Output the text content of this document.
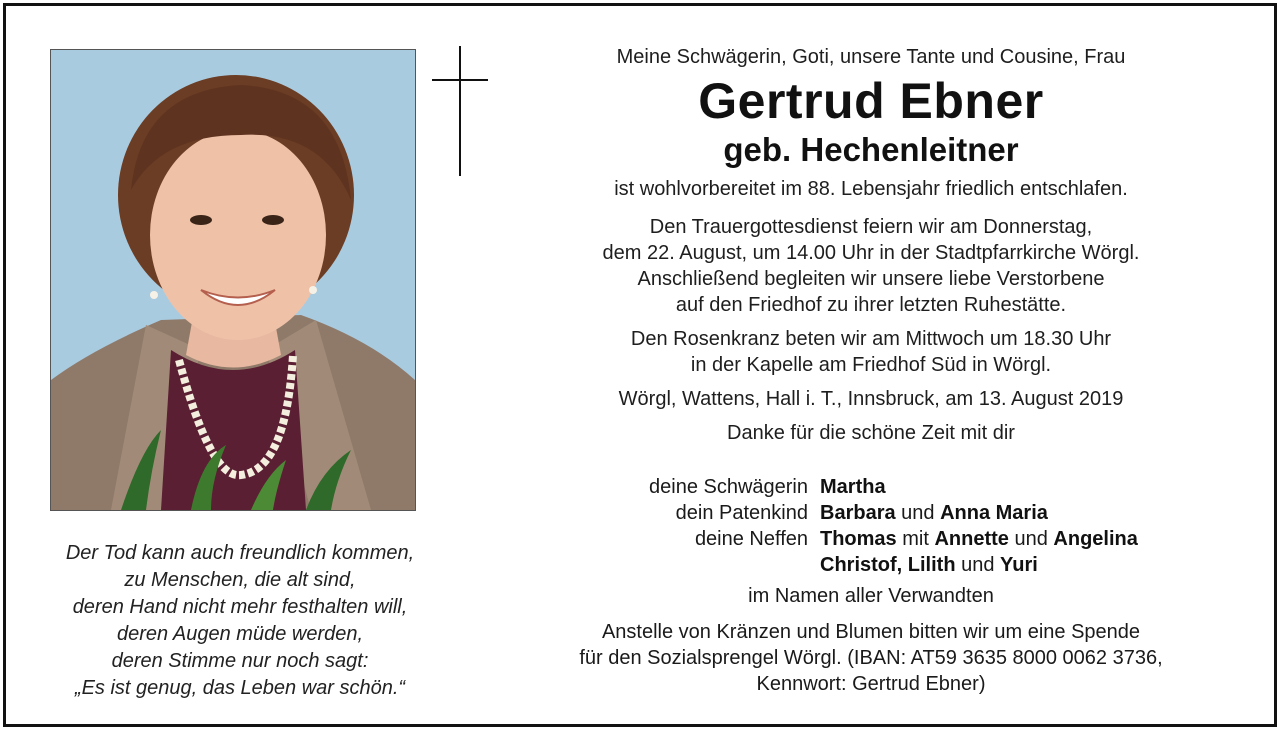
Der Tod kann auch freundlich kommen,
zu Menschen, die alt sind,
deren Hand nicht mehr festhalten will,
deren Augen müde werden,
deren Stimme nur noch sagt:
„Es ist genug, das Leben war schön.“
Meine Schwägerin, Goti, unsere Tante und Cousine, Frau
Gertrud Ebner
geb. Hechenleitner
ist wohlvorbereitet im 88. Lebensjahr friedlich entschlafen.
Den Trauergottesdienst feiern wir am Donnerstag,
dem 22. August, um 14.00 Uhr in der Stadtpfarrkirche Wörgl.
Anschließend begleiten wir unsere liebe Verstorbene
auf den Friedhof zu ihrer letzten Ruhestätte.
Den Rosenkranz beten wir am Mittwoch um 18.30 Uhr
in der Kapelle am Friedhof Süd in Wörgl.
Wörgl, Wattens, Hall i. T., Innsbruck, am 13. August 2019
Danke für die schöne Zeit mit dir
deine Schwägerin Martha
dein Patenkind Barbara und Anna Maria
deine Neffen Thomas mit Annette und Angelina
Christof, Lilith und Yuri
im Namen aller Verwandten
Anstelle von Kränzen und Blumen bitten wir um eine Spende
für den Sozialsprengel Wörgl. (IBAN: AT59 3635 8000 0062 3736,
Kennwort: Gertrud Ebner)
